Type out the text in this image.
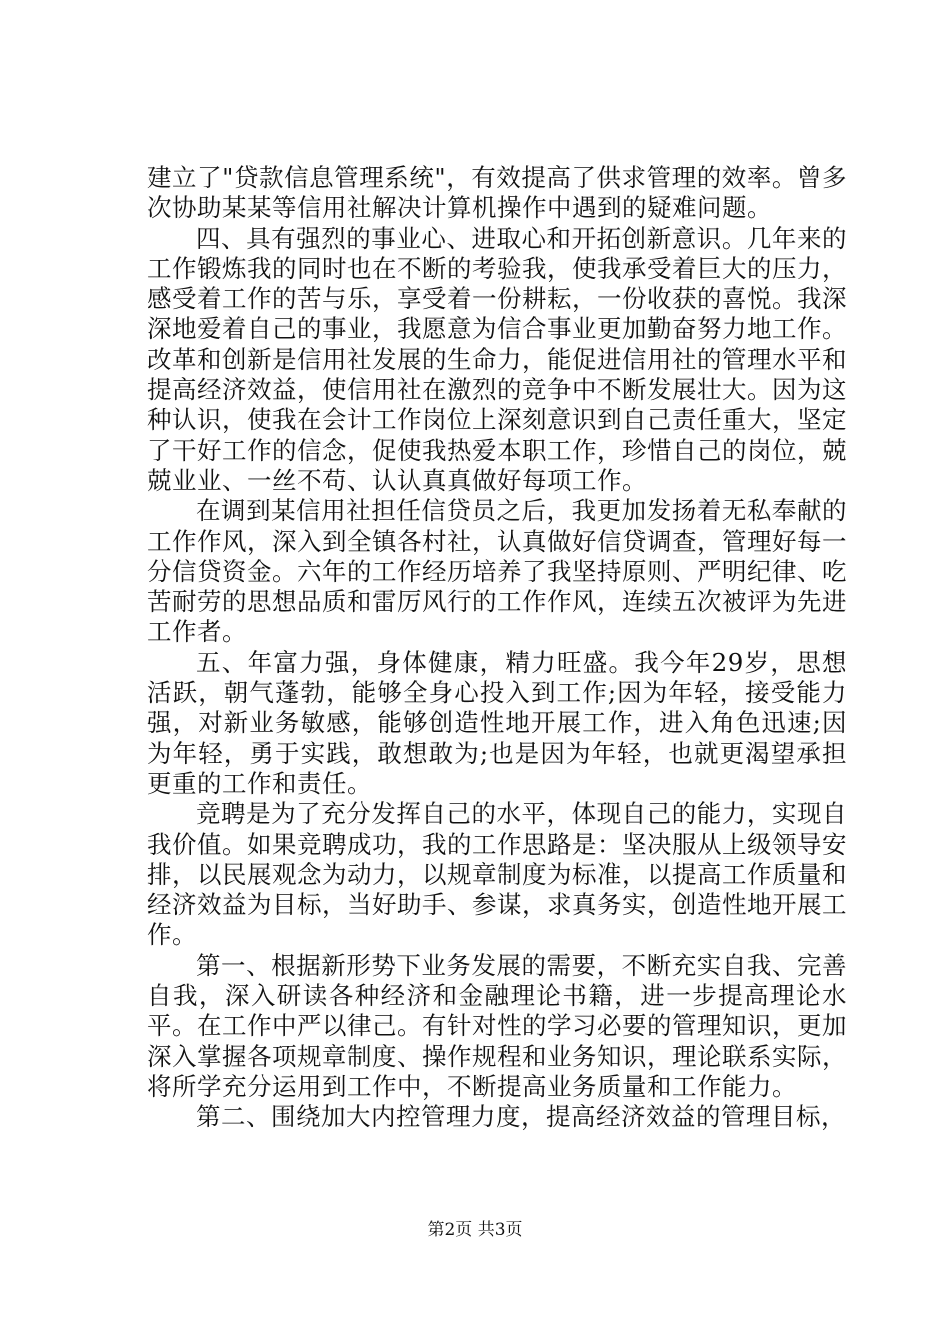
建立了"贷款信息管理系统"，有效提高了供求管理的效率。曾多次协助某某等信用社解决计算机操作中遇到的疑难问题。

四、具有强烈的事业心、进取心和开拓创新意识。几年来的工作锻炼我的同时也在不断的考验我，使我承受着巨大的压力，感受着工作的苦与乐，享受着一份耕耘，一份收获的喜悦。我深深地爱着自己的事业，我愿意为信合事业更加勤奋努力地工作。改革和创新是信用社发展的生命力，能促进信用社的管理水平和提高经济效益，使信用社在激烈的竞争中不断发展壮大。因为这种认识，使我在会计工作岗位上深刻意识到自己责任重大，坚定了干好工作的信念，促使我热爱本职工作，珍惜自己的岗位，兢兢业业、一丝不苟、认认真真做好每项工作。

在调到某信用社担任信贷员之后，我更加发扬着无私奉献的工作作风，深入到全镇各村社，认真做好信贷调查，管理好每一分信贷资金。六年的工作经历培养了我坚持原则、严明纪律、吃苦耐劳的思想品质和雷厉风行的工作作风，连续五次被评为先进工作者。

五、年富力强，身体健康，精力旺盛。我今年29岁，思想活跃，朝气蓬勃，能够全身心投入到工作;因为年轻，接受能力强，对新业务敏感，能够创造性地开展工作，进入角色迅速;因为年轻，勇于实践，敢想敢为;也是因为年轻，也就更渴望承担更重的工作和责任。

竞聘是为了充分发挥自己的水平，体现自己的能力，实现自我价值。如果竞聘成功，我的工作思路是：坚决服从上级领导安排，以民展观念为动力，以规章制度为标准，以提高工作质量和经济效益为目标，当好助手、参谋，求真务实，创造性地开展工作。

第一、根据新形势下业务发展的需要，不断充实自我、完善自我，深入研读各种经济和金融理论书籍，进一步提高理论水平。在工作中严以律己。有针对性的学习必要的管理知识，更加深入掌握各项规章制度、操作规程和业务知识，理论联系实际，将所学充分运用到工作中，不断提高业务质量和工作能力。

第二、围绕加大内控管理力度，提高经济效益的管理目标，

第2页 共3页
